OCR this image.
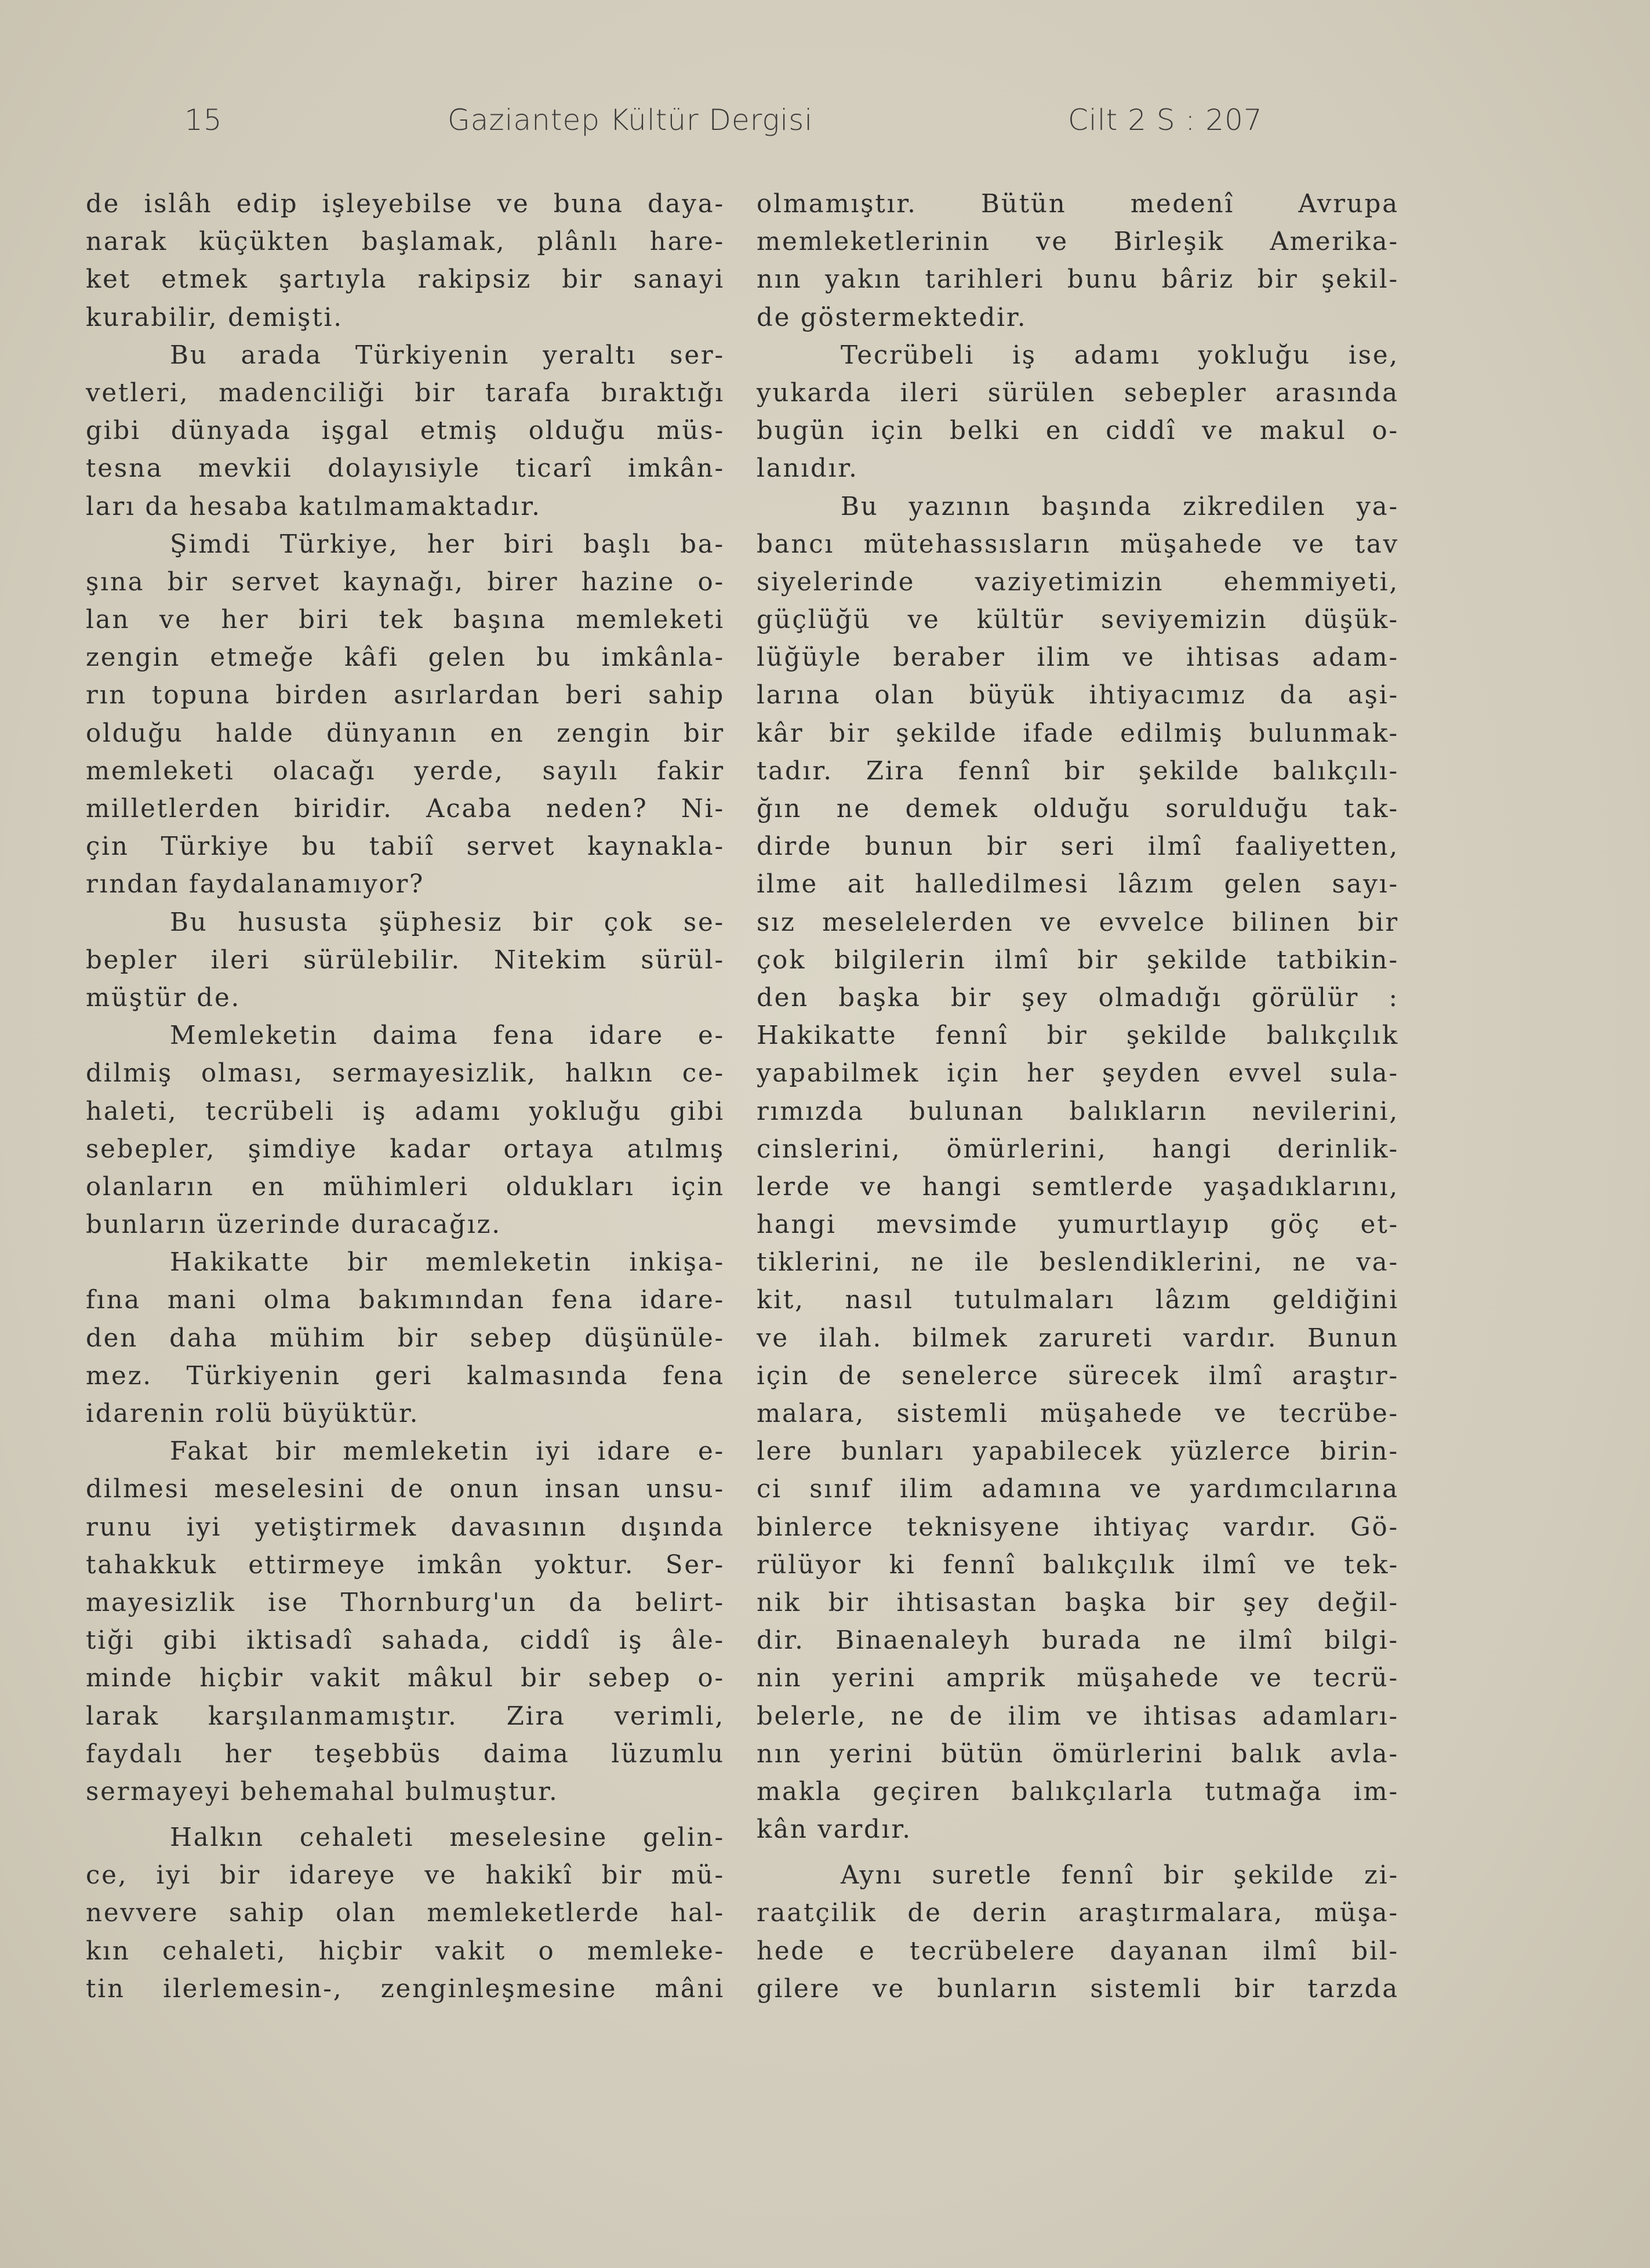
15	Gaziantep Kültür Dergisi	Cilt 2 S : 207
de islâh edip işleyebilse ve buna daya-
narak küçükten başlamak, plânlı hare-
ket etmek şartıyla rakipsiz bir sanayi
kurabilir, demişti.
Bu arada Türkiyenin yeraltı ser-
vetleri, madenciliği bir tarafa bıraktığı
gibi dünyada işgal etmiş olduğu müs-
tesna mevkii dolayısiyle ticarî imkân-
ları da hesaba katılmamaktadır.
Şimdi Türkiye, her biri başlı ba-
şına bir servet kaynağı, birer hazine o-
lan ve her biri tek başına memleketi
zengin etmeğe kâfi gelen bu imkânla-
rın topuna birden asırlardan beri sahip
olduğu halde dünyanın en zengin bir
memleketi olacağı yerde, sayılı fakir
milletlerden biridir. Acaba neden? Ni-
çin Türkiye bu tabiî servet kaynakla-
rından faydalanamıyor?
Bu hususta şüphesiz bir çok se-
bepler ileri sürülebilir. Nitekim sürül-
müştür de.
Memleketin daima fena idare e-
dilmiş olması, sermayesizlik, halkın ce-
haleti, tecrübeli iş adamı yokluğu gibi
sebepler, şimdiye kadar ortaya atılmış
olanların en mühimleri oldukları için
bunların üzerinde duracağız.
Hakikatte bir memleketin inkişa-
fına mani olma bakımından fena idare-
den daha mühim bir sebep düşünüle-
mez. Türkiyenin geri kalmasında fena
idarenin rolü büyüktür.
Fakat bir memleketin iyi idare e-
dilmesi meselesini de onun insan unsu-
runu iyi yetiştirmek davasının dışında
tahakkuk ettirmeye imkân yoktur. Ser-
mayesizlik ise Thornburg'un da belirt-
tiği gibi iktisadî sahada, ciddî iş âle-
minde hiçbir vakit mâkul bir sebep o-
larak karşılanmamıştır. Zira verimli,
faydalı her teşebbüs daima lüzumlu
sermayeyi behemahal bulmuştur.
Halkın cehaleti meselesine gelin-
ce, iyi bir idareye ve hakikî bir mü-
nevvere sahip olan memleketlerde hal-
kın cehaleti, hiçbir vakit o memleke-
tin ilerlemesin-, zenginleşmesine mâni
olmamıştır. Bütün medenî Avrupa
memleketlerinin ve Birleşik Amerika-
nın yakın tarihleri bunu bâriz bir şekil-
de göstermektedir.
Tecrübeli iş adamı yokluğu ise,
yukarda ileri sürülen sebepler arasında
bugün için belki en ciddî ve makul o-
lanıdır.
Bu yazının başında zikredilen ya-
bancı mütehassısların müşahede ve tav
siyelerinde vaziyetimizin ehemmiyeti,
güçlüğü ve kültür seviyemizin düşük-
lüğüyle beraber ilim ve ihtisas adam-
larına olan büyük ihtiyacımız da aşi-
kâr bir şekilde ifade edilmiş bulunmak-
tadır. Zira fennî bir şekilde balıkçılı-
ğın ne demek olduğu sorulduğu tak-
dirde bunun bir seri ilmî faaliyetten,
ilme ait halledilmesi lâzım gelen sayı-
sız meselelerden ve evvelce bilinen bir
çok bilgilerin ilmî bir şekilde tatbikin-
den başka bir şey olmadığı görülür :
Hakikatte fennî bir şekilde balıkçılık
yapabilmek için her şeyden evvel sula-
rımızda bulunan balıkların nevilerini,
cinslerini, ömürlerini, hangi derinlik-
lerde ve hangi semtlerde yaşadıklarını,
hangi mevsimde yumurtlayıp göç et-
tiklerini, ne ile beslendiklerini, ne va-
kit, nasıl tutulmaları lâzım geldiğini
ve ilah. bilmek zarureti vardır. Bunun
için de senelerce sürecek ilmî araştır-
malara, sistemli müşahede ve tecrübe-
lere bunları yapabilecek yüzlerce birin-
ci sınıf ilim adamına ve yardımcılarına
binlerce teknisyene ihtiyaç vardır. Gö-
rülüyor ki fennî balıkçılık ilmî ve tek-
nik bir ihtisastan başka bir şey değil-
dir. Binaenaleyh burada ne ilmî bilgi-
nin yerini amprik müşahede ve tecrü-
belerle, ne de ilim ve ihtisas adamları-
nın yerini bütün ömürlerini balık avla-
makla geçiren balıkçılarla tutmağa im-
kân vardır.
Aynı suretle fennî bir şekilde zi-
raatçilik de derin araştırmalara, müşa-
hede e tecrübelere dayanan ilmî bil-
gilere ve bunların sistemli bir tarzda
